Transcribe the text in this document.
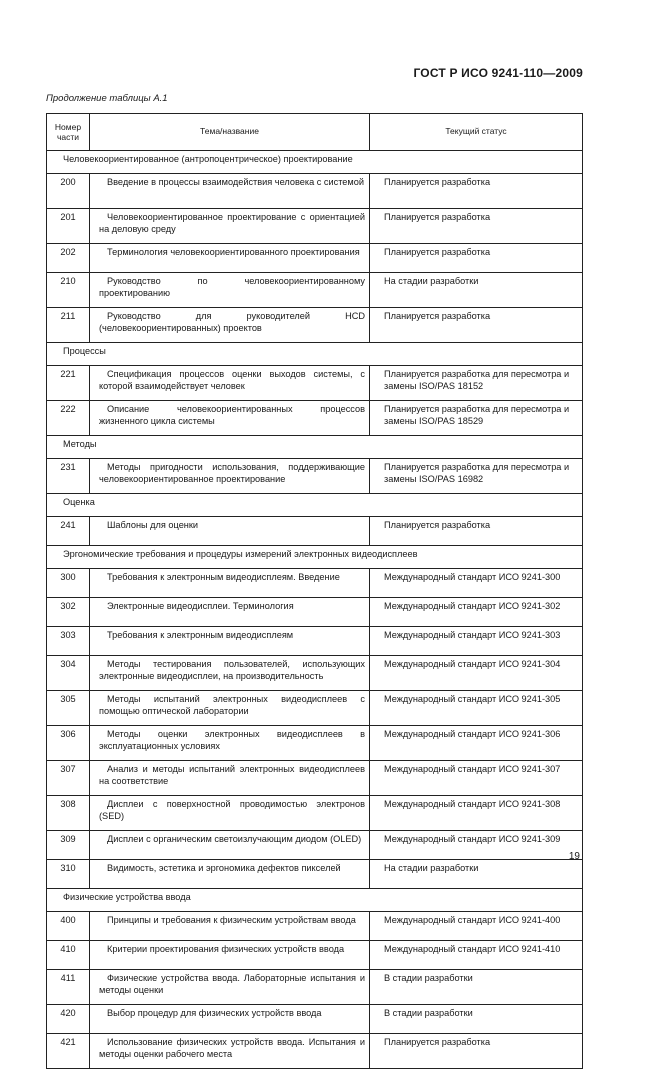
ГОСТ Р ИСО 9241-110—2009
Продолжение таблицы А.1
Номер части	Тема/название	Текущий статус
Человекоориентированное (антропоцентрическое) проектирование		
200	Введение в процессы взаимодействия человека с системой	Планируется разработка
201	Человекоориентированное проектирование с ориентацией на деловую среду	Планируется разработка
202	Терминология человекоориентированного проектирования	Планируется разработка
210	Руководство по человекоориентированному проектированию	На стадии разработки
211	Руководство для руководителей HCD (человекоориентированных) проектов	Планируется разработка
Процессы		
221	Спецификация процессов оценки выходов системы, с которой взаимодействует человек	Планируется разработка для пересмотра и замены ISO/PAS 18152
222	Описание человекоориентированных процессов жизненного цикла системы	Планируется разработка для пересмотра и замены ISO/PAS 18529
Методы		
231	Методы пригодности использования, поддерживающие человекоориентированное проектирование	Планируется разработка для пересмотра и замены ISO/PAS 16982
Оценка		
241	Шаблоны для оценки	Планируется разработка
Эргономические требования и процедуры измерений электронных видеодисплеев		
300	Требования к электронным видеодисплеям. Введение	Международный стандарт ИСО 9241-300
302	Электронные видеодисплеи. Терминология	Международный стандарт ИСО 9241-302
303	Требования к электронным видеодисплеям	Международный стандарт ИСО 9241-303
304	Методы тестирования пользователей, использующих электронные видеодисплеи, на производительность	Международный стандарт ИСО 9241-304
305	Методы испытаний электронных видеодисплеев с помощью оптической лаборатории	Международный стандарт ИСО 9241-305
306	Методы оценки электронных видеодисплеев в эксплуатационных условиях	Международный стандарт ИСО 9241-306
307	Анализ и методы испытаний электронных видеодисплеев на соответствие	Международный стандарт ИСО 9241-307
308	Дисплеи с поверхностной проводимостью электронов (SED)	Международный стандарт ИСО 9241-308
309	Дисплеи с органическим светоизлучающим диодом (OLED)	Международный стандарт ИСО 9241-309
310	Видимость, эстетика и эргономика дефектов пикселей	На стадии разработки
Физические устройства ввода		
400	Принципы и требования к физическим устройствам ввода	Международный стандарт ИСО 9241-400
410	Критерии проектирования физических устройств ввода	Международный стандарт ИСО 9241-410
411	Физические устройства ввода. Лабораторные испытания и методы оценки	В стадии разработки
420	Выбор процедур для физических устройств ввода	В стадии разработки
421	Использование физических устройств ввода. Испытания и методы оценки рабочего места	Планируется разработка
19
